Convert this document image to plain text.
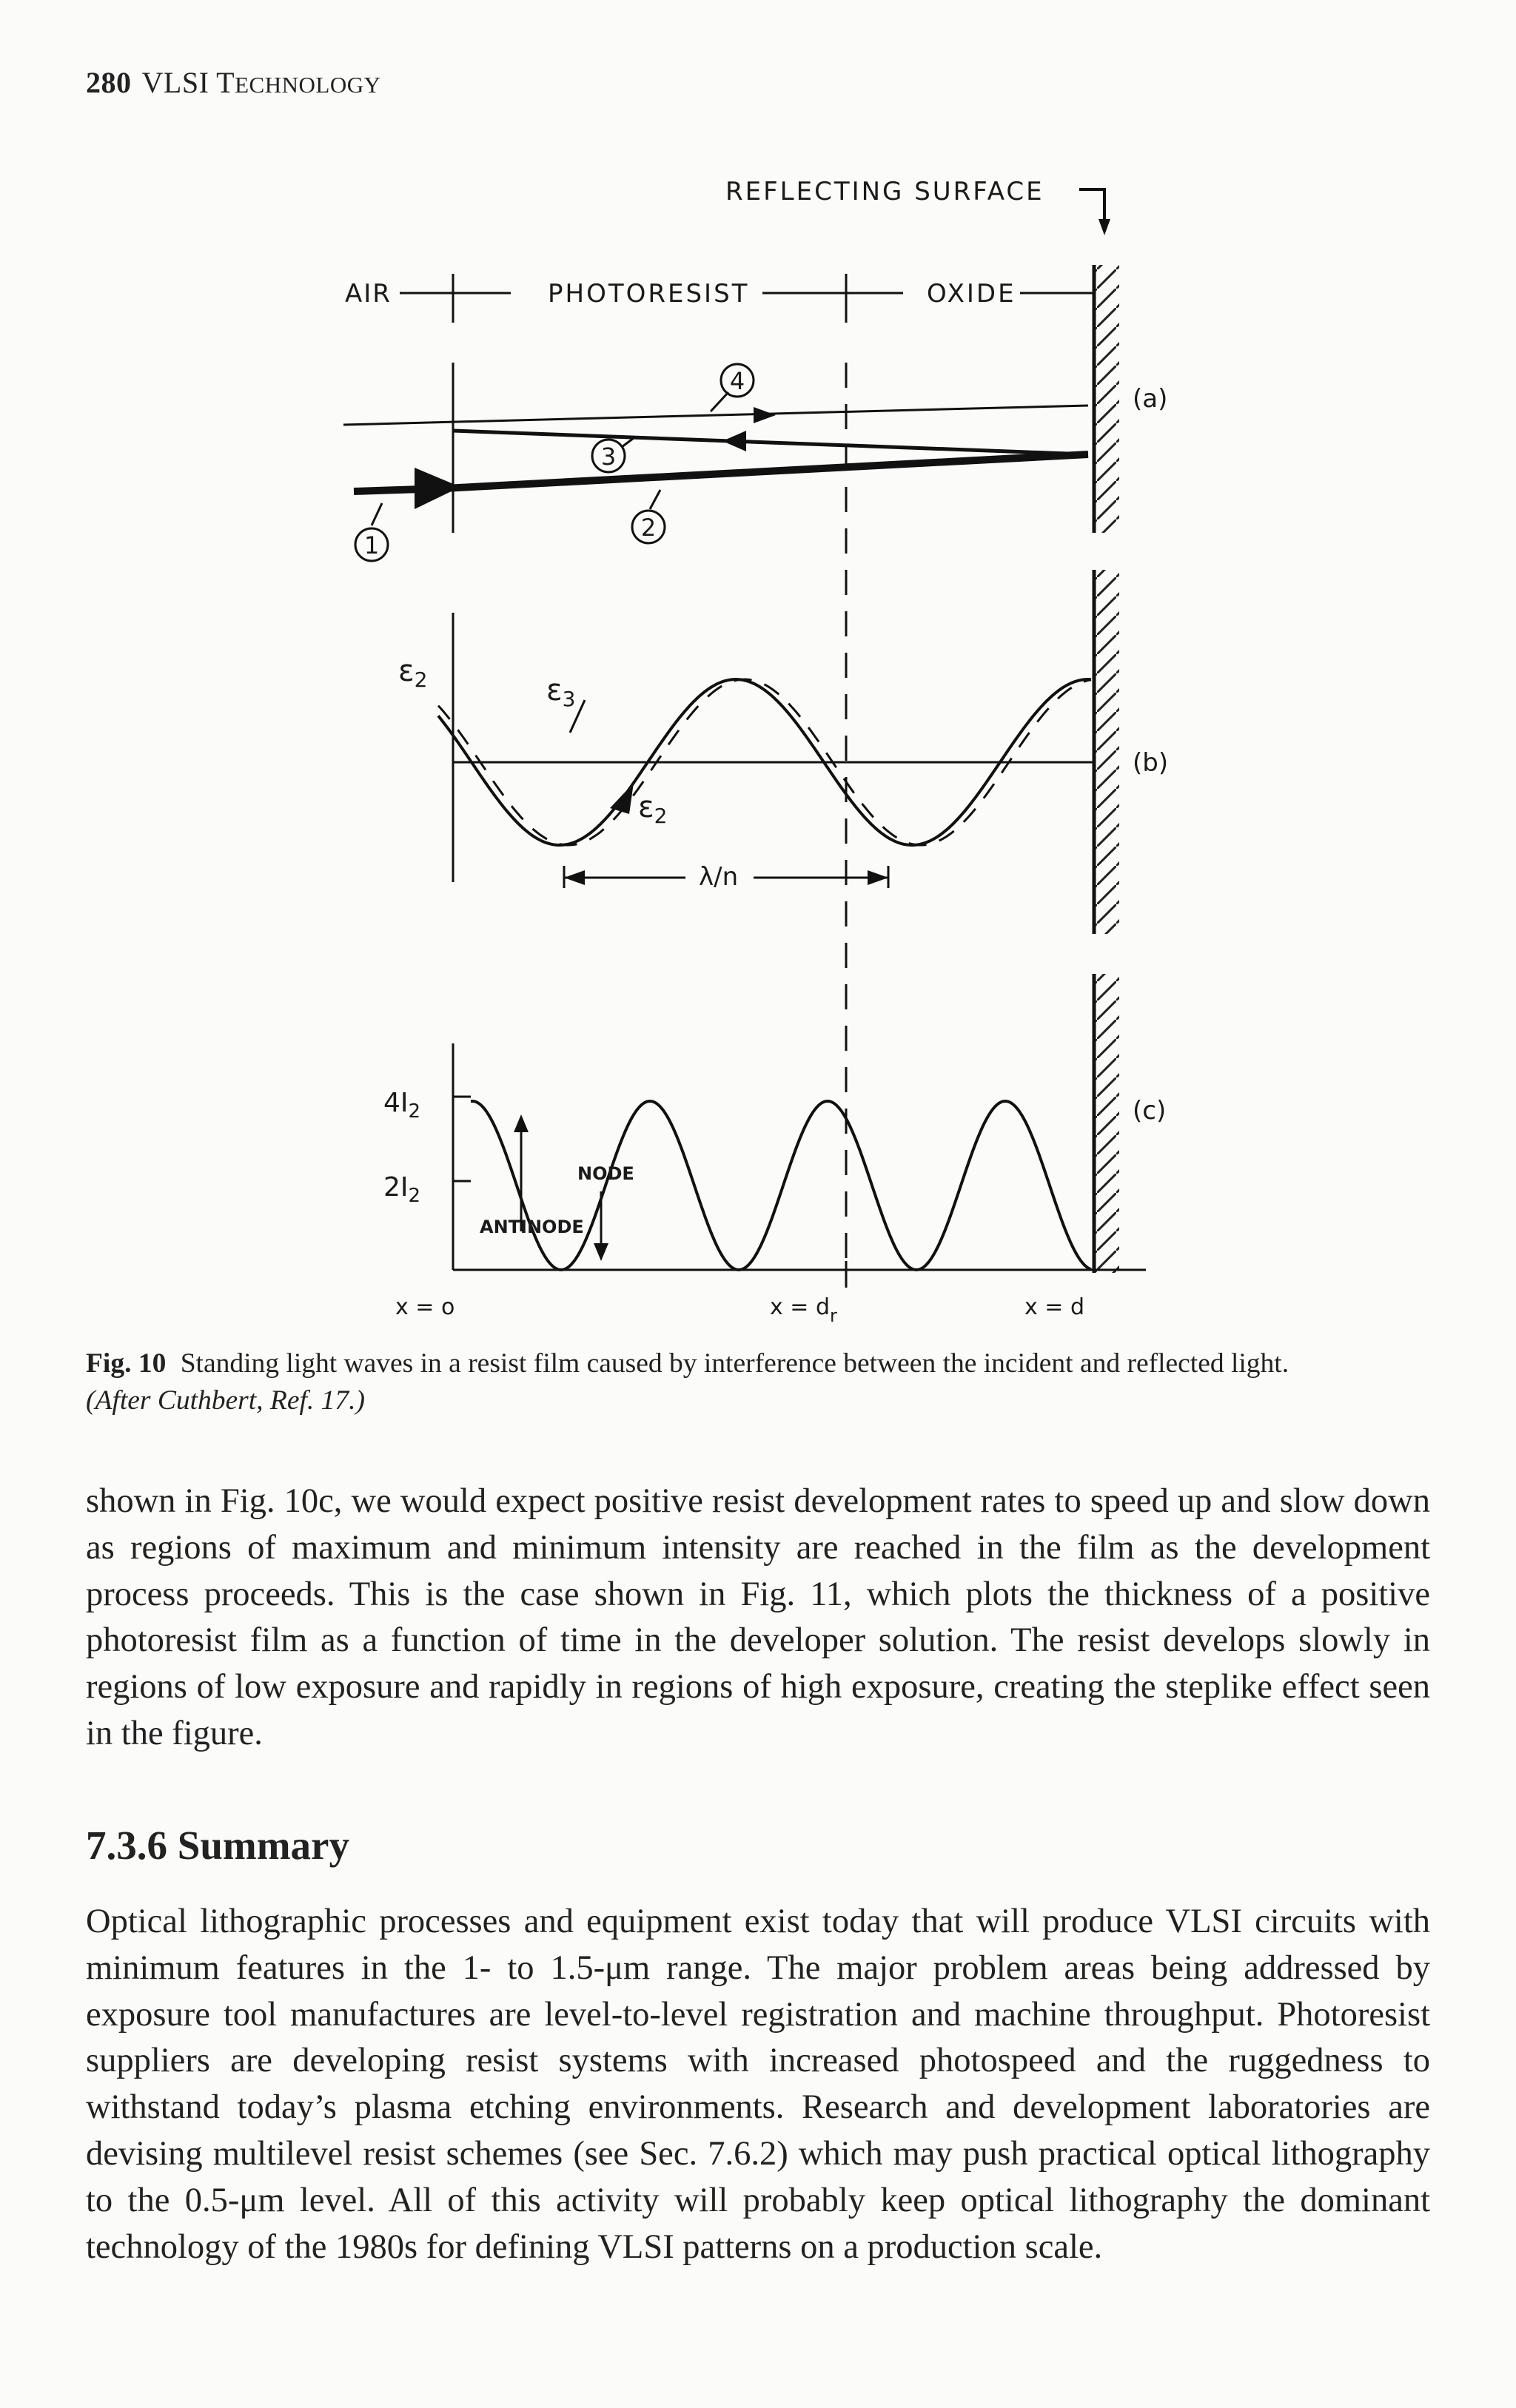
280 VLSI TECHNOLOGY
REFLECTING SURFACE
AIR	PHOTORESIST	OXIDE
(a)
(b)
(c)
1
2
3
4
$\varepsilon_2$	$\varepsilon_3$
$\varepsilon_2$
λ/n
$4I_2$
$2I_2$
ANTINODE
NODE
x = o	$x = d_r$	x = d
Fig. 10 Standing light waves in a resist film caused by interference between the incident and reflected light.
(After Cuthbert, Ref. 17.)
shown in Fig. 10c, we would expect positive resist development rates to speed up and slow down as regions of maximum and minimum intensity are reached in the film as the development process proceeds. This is the case shown in Fig. 11, which plots the thickness of a positive photoresist film as a function of time in the developer solution. The resist develops slowly in regions of low exposure and rapidly in regions of high exposure, creating the steplike effect seen in the figure.
7.3.6 Summary
Optical lithographic processes and equipment exist today that will produce VLSI circuits with minimum features in the 1- to 1.5-μm range. The major problem areas being addressed by exposure tool manufactures are level-to-level registration and machine throughput. Photoresist suppliers are developing resist systems with increased photospeed and the ruggedness to withstand today’s plasma etching environments. Research and development laboratories are devising multilevel resist schemes (see Sec. 7.6.2) which may push practical optical lithography to the 0.5-μm level. All of this activity will probably keep optical lithography the dominant technology of the 1980s for defining VLSI patterns on a production scale.
